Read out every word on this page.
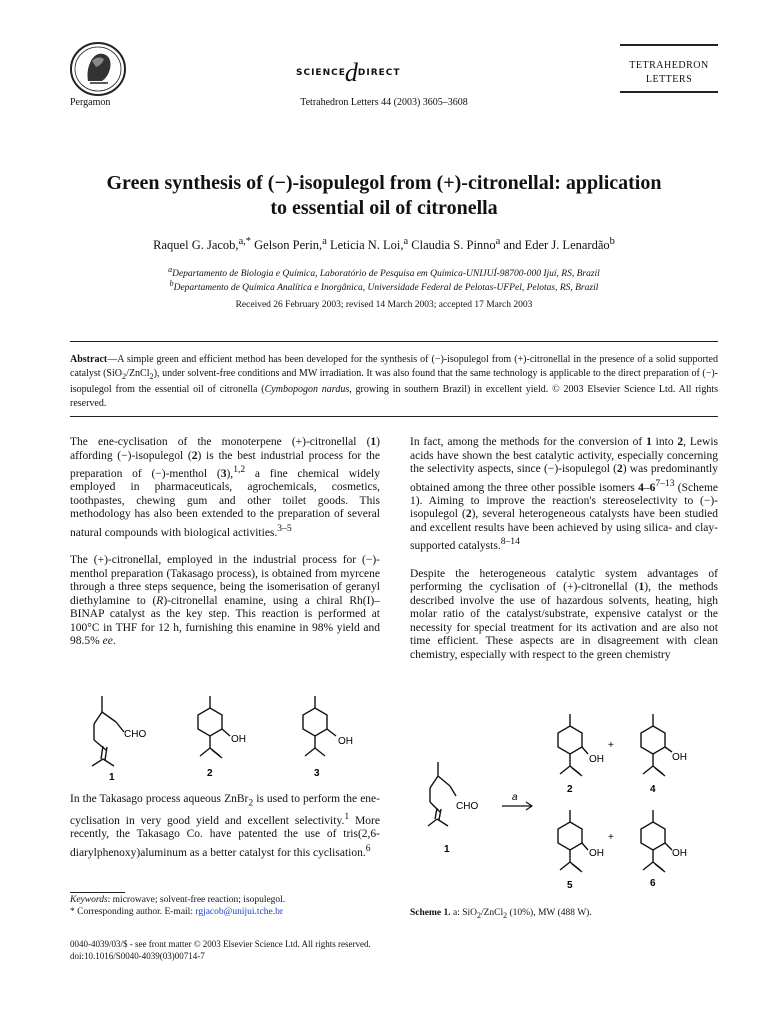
Pergamon
SCIENCEdDIRECT
Tetrahedron Letters 44 (2003) 3605–3608
TETRAHEDRON
LETTERS
Green synthesis of (−)-isopulegol from (+)-citronellal: application
to essential oil of citronella
Raquel G. Jacob,$^{a,*}$ Gelson Perin,$^a$ Leticia N. Loi,$^a$ Claudia S. Pinno$^a$ and Eder J. Lenardão$^b$
$^a$Departamento de Biologia e Química, Laboratório de Pesquisa em Química-UNIJUÍ-98700-000 Ijuí, RS, Brazil
$^b$Departamento de Química Analítica e Inorgânica, Universidade Federal de Pelotas-UFPel, Pelotas, RS, Brazil
Received 26 February 2003; revised 14 March 2003; accepted 17 March 2003
Abstract—A simple green and efficient method has been developed for the synthesis of (−)-isopulegol from (+)-citronellal in the presence of a solid supported catalyst (SiO$_2$/ZnCl$_2$), under solvent-free conditions and MW irradiation. It was also found that the same technology is applicable to the direct preparation of (−)-isopulegol from the essential oil of citronella (Cymbopogon nardus, growing in southern Brazil) in excellent yield. © 2003 Elsevier Science Ltd. All rights reserved.

The ene-cyclisation of the monoterpene (+)-citronellal (1) affording (−)-isopulegol (2) is the best industrial process for the preparation of (−)-menthol (3),$^{1,2}$ a fine chemical widely employed in pharmaceuticals, agrochemicals, cosmetics, toothpastes, chewing gum and other toilet goods. This methodology has also been extended to the preparation of several natural compounds with biological activities.$^{3-5}$

The (+)-citronellal, employed in the industrial process for (−)-menthol preparation (Takasago process), is obtained from myrcene through a three steps sequence, being the isomerisation of geranyl diethylamine to (R)-citronellal enamine, using a chiral Rh(I)–BINAP catalyst as the key step. This reaction is performed at 100°C in THF for 12 h, furnishing this enamine in 98% yield and 98.5% ee.

CHO
1
OH
2
OH
3

In the Takasago process aqueous ZnBr$_2$ is used to perform the ene-cyclisation in very good yield and excellent selectivity.$^1$ More recently, the Takasago Co. have patented the use of tris(2,6-diarylphenoxy)aluminum as a better catalyst for this cyclisation.$^6$

In fact, among the methods for the conversion of 1 into 2, Lewis acids have shown the best catalytic activity, especially concerning the selectivity aspects, since (−)-isopulegol (2) was predominantly obtained among the three other possible isomers 4–6$^{7-13}$ (Scheme 1). Aiming to improve the reaction's stereoselectivity to (−)-isopulegol (2), several heterogeneous catalysts have been studied and excellent results have been achieved by using silica- and clay-supported catalysts.$^{8-14}$

Despite the heterogeneous catalytic system advantages of performing the cyclisation of (+)-citronellal (1), the methods described involve the use of hazardous solvents, heating, high molar ratio of the catalyst/substrate, expensive catalyst or the necessity for special treatment for its activation and are also not time efficient. These aspects are in disagreement with clean chemistry, especially with respect to the green chemistry

CHO
1
a
OH
2
+
OH
4
OH
5
+
OH
6
Scheme 1. a: SiO$_2$/ZnCl$_2$ (10%), MW (488 W).
Keywords: microwave; solvent-free reaction; isopulegol.
* Corresponding author. E-mail: rgjacob@unijui.tche.br
0040-4039/03/$ - see front matter © 2003 Elsevier Science Ltd. All rights reserved.
doi:10.1016/S0040-4039(03)00714-7
